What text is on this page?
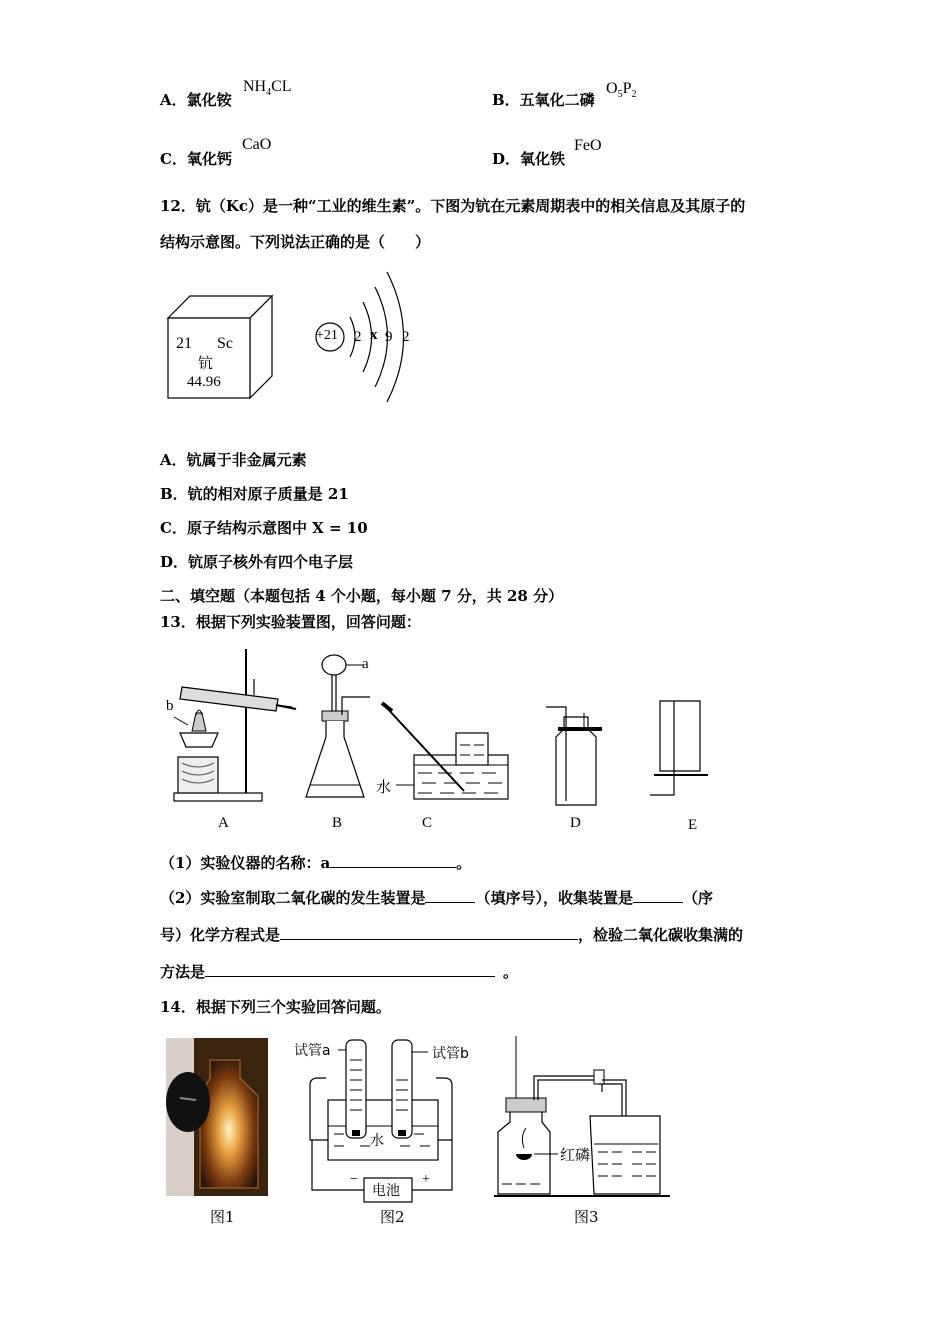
A．氯化铵
$NH_4CL$
B．五氧化二磷
$O_5P_2$
C．氧化钙
CaO
D．氧化铁
FeO
12．钪（Kc）是一种“工业的维生素”。下图为钪在元素周期表中的相关信息及其原子的
结构示意图。下列说法正确的是（　　）
21 Sc
钪
44.96
+21 2 x 9 2
A．钪属于非金属元素
B．钪的相对原子质量是 21
C．原子结构示意图中 X = 10
D．钪原子核外有四个电子层
二、填空题（本题包括 4 个小题，每小题 7 分，共 28 分）
13．根据下列实验装置图，回答问题：
a
b
水
A	B	C	D	E
（1）实验仪器的名称：a	。
（2）实验室制取二氧化碳的发生装置是	（填序号），收集装置是	（序
号）化学方程式是	，检验二氧化碳收集满的
方法是	。
14．根据下列三个实验回答问题。
试管a	试管b
水
电池
−	+
红磷
图1	图2	图3
